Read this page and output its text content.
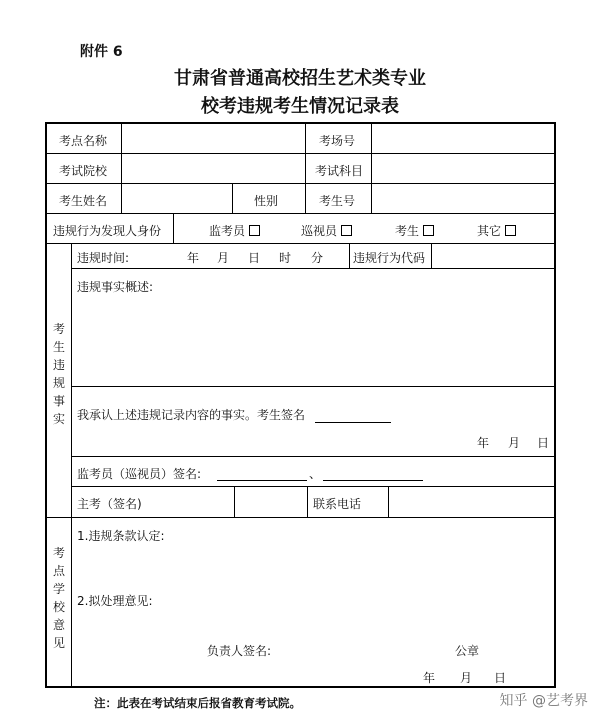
附件 6
甘肃省普通高校招生艺术类专业
校考违规考生情况记录表
考点名称	考场号
考试院校	考试科目
考生姓名	性别	考生号
违规行为发现人身份	监考员	巡视员	考生	其它
考生违规事实
违规时间:	年 月 日 时 分 违规行为代码
违规事实概述:
我承认上述违规记录内容的事实。考生签名
年 月 日
监考员（巡视员）签名:	、
主考（签名)	联系电话
考点学校意见
1.违规条款认定:
2.拟处理意见:
负责人签名:	公章
年 月 日
注：此表在考试结束后报省教育考试院。	知乎 @艺考界
